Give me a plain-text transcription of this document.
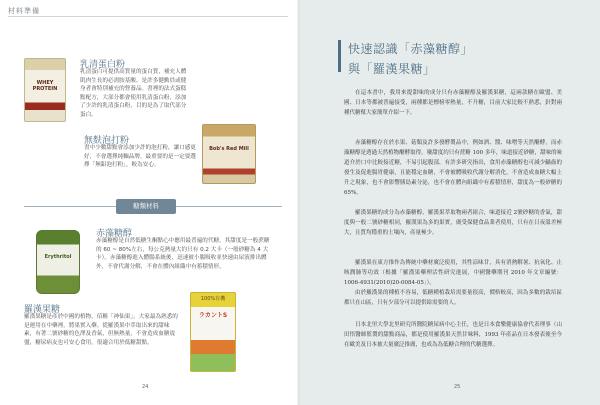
材料準備
WHEY PROTEIN
乳清蛋白粉
乳清蛋白可提供高質量的蛋白質，補充人體肌肉生長的必需胺基酸，是許多健勳員或健身者會特別補充的營養品。書裡的法式蛋糕點配方，大部分都會使用乳清蛋白粉，添加了少許的乳清蛋白粉，目的是為了取代部分蛋白。
無麩泡打粉
書中少數甜點會添加少許的泡打粉，讓口感更好，不會選擇純麵品牌，最重要的是一定要選擇「無鋁泡打粉」，較為安心。
Bob's Red Mill
糖類材料
Erythritol
赤藻糖醇
赤藻糖醇是自然低糖生酮點心中應用最普遍的代糖，其甜度是一般蔗糖的 60 ~ 80%左右，每公克熱量大約只有 0.2 大卡（一般砂糖為 4 大卡）。赤藻糖醇進入體腸系統後，迅速被小腸吸收並快速由尿液排出體外，不會代謝分解，不會在體內組織中有蓄積情形。
羅漢果糖
羅漢果糖是產於中國的植物，佰稱「神仙果」。大家最為熟悉的是運用在中藥裡，將果實入藥。從羅漢果中萃取出來的甜味素，有著二號砂糖的色澤及香氣，但無熱量，不會造成血糖震盪，糖尿病友也可安心食用，很適合用於低糖甜點。
100%有機
ラカントS
24
快速認識「赤藻糖醇」
與「羅漢果糖」

在這本書中，我用來提甜味的成分只有赤藻糖醇及羅漢果糖，這兩款糖在歐盟、美國、日本等都被普遍接受，兩種都是標榜零熱量，不升糖，目前大家比較不熟悉，針對兩種代糖幫大家簡單介紹一下。

赤藻糖醇存在於水果、菇類及許多發酵製品中，例如酒、醬、味噌等天然醣酵，而赤藻糖醇是透過天然植物醣酵取得，廢甜度約只有蔗糖 100 多年，味道接近砂糖，甜味的味道介於口中比較接近糖，不易引起腹部，有許多研究指出，食用赤藻糖醇也可減少齲齒的發生及促進腸胃健康，且能穩定血糖，不會被體吸收代謝分解消化，不會造成血糖大幅上升之現象，也不會影響胰島素分泌，也不會在體內組織中有蓄積情形，甜度為一般砂糖的 65%。

羅漢果糖的成分為赤藻糖醇、羅漢果萃取物兩者組合，味道接近 2號砂糖的香氣，甜度與一般二號砂糖相同，羅漢果為多的果實，廣受保健食品業者使用，只有在日夜溫差極大，且質均穩重的土壤內，產量極少。

羅漢果在東方推作為傳統中藥材廣泛使用，其性涼味甘，具有消熱解暑、抗氧化、止咳潤肺等功效（根據「羅漢果藥理活性研究進展，中國醫藥期刊 2010 年文章編號：1006-4931(2010)20-0084-05」）。

由於羅漢果的種植不容易，低糖種植栽培需要量很高，價格較高，因為多數的栽培區都只在山區，只有少部分可以提供給需要的人。

日本北里大學北里研究所醫院糖尿病中心主任，也是日本食樂健康協會代表理事（山田悟醫師監製的甜點商品，都是使用羅漢果天然甘味料，1993 年產品在日本發表後至今在歐美及日本被大量廣泛推廣，也成為為低糖合理的代糖選擇。

25
